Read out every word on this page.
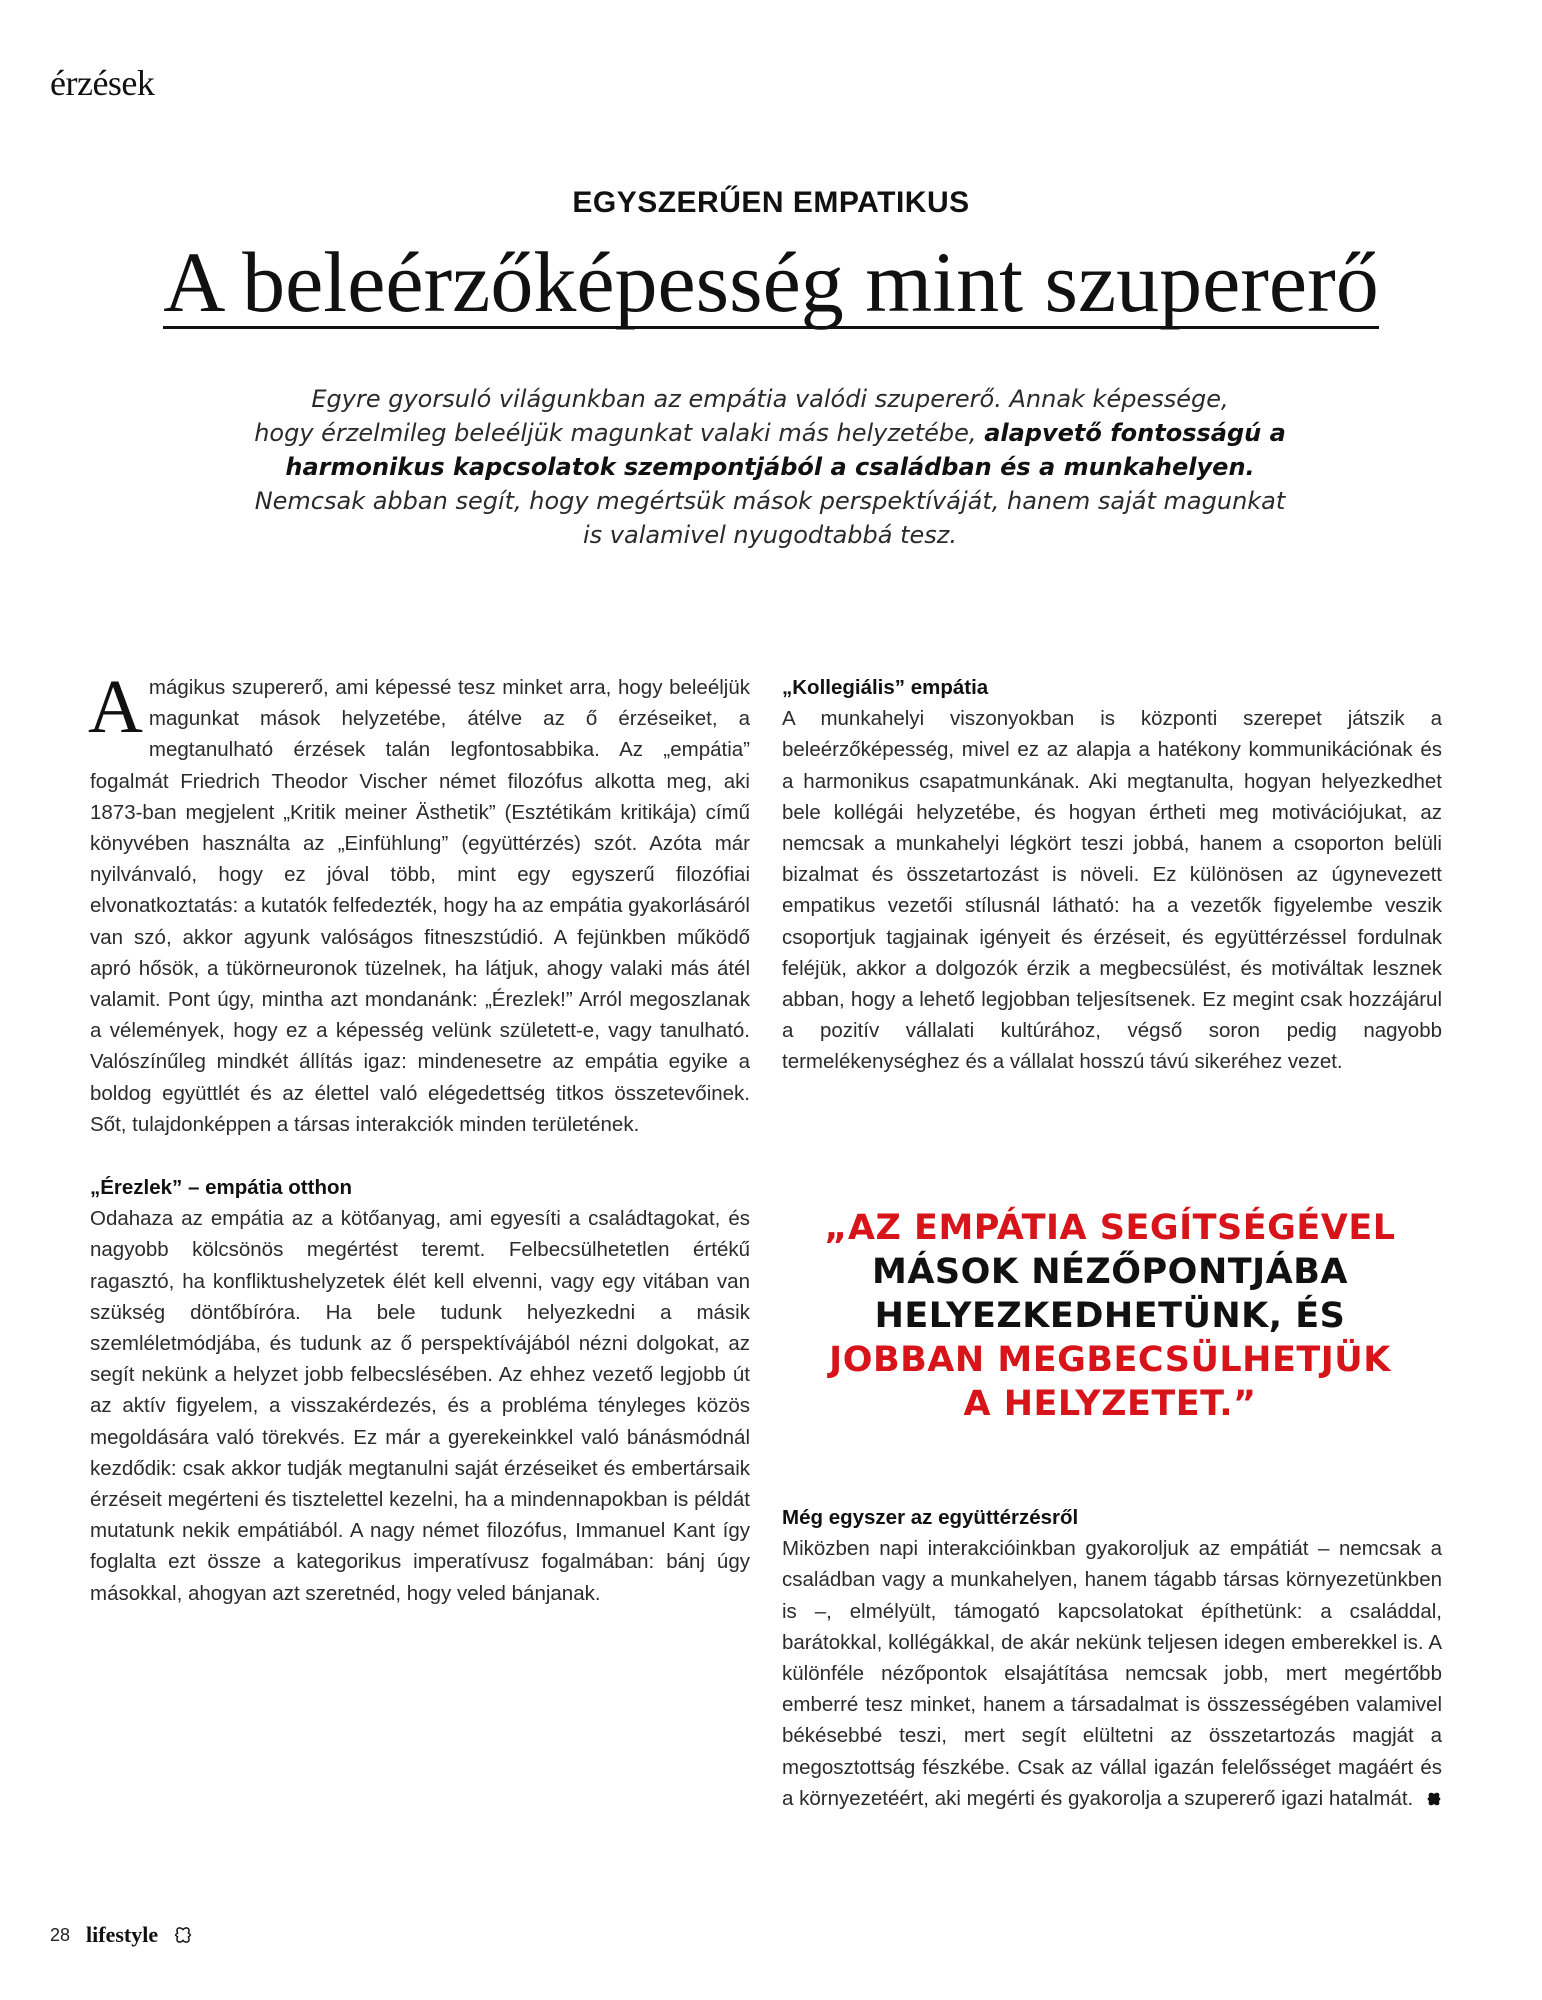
érzések
EGYSZERŰEN EMPATIKUS
A beleérzőképesség mint szupererő
Egyre gyorsuló világunkban az empátia valódi szupererő. Annak képessége,
hogy érzelmileg beleéljük magunkat valaki más helyzetébe, alapvető fontosságú a
harmonikus kapcsolatok szempontjából a családban és a munkahelyen.
Nemcsak abban segít, hogy megértsük mások perspektíváját, hanem saját magunkat
is valamivel nyugodtabbá tesz.

A mágikus szupererő, ami képessé tesz minket arra, hogy beleéljük magunkat mások helyzetébe, átélve az ő érzéseiket, a megtanulható érzések talán legfontosabbika. Az „empátia” fogalmát Friedrich Theodor Vischer német filozófus alkotta meg, aki 1873-ban megjelent „Kritik meiner Ästhetik” (Esztétikám kritikája) című könyvében használta az „Einfühlung” (együttérzés) szót. Azóta már nyilvánvaló, hogy ez jóval több, mint egy egyszerű filozófiai elvonatkoztatás: a kutatók felfedezték, hogy ha az empátia gyakorlásáról van szó, akkor agyunk valóságos fitneszstúdió. A fejünkben működő apró hősök, a tükörneuronok tüzelnek, ha látjuk, ahogy valaki más átél valamit. Pont úgy, mintha azt mondanánk: „Érezlek!” Arról megoszlanak a vélemények, hogy ez a képesség velünk született-e, vagy tanulható. Valószínűleg mindkét állítás igaz: mindenesetre az empátia egyike a boldog együttlét és az élettel való elégedettség titkos összetevőinek. Sőt, tulajdonképpen a társas interakciók minden területének.

„Érezlek” – empátia otthon

Odahaza az empátia az a kötőanyag, ami egyesíti a családtagokat, és nagyobb kölcsönös megértést teremt. Felbecsülhetetlen értékű ragasztó, ha konfliktushelyzetek élét kell elvenni, vagy egy vitában van szükség döntőbíróra. Ha bele tudunk helyezkedni a másik szemléletmódjába, és tudunk az ő perspektívájából nézni dolgokat, az segít nekünk a helyzet jobb felbecslésében. Az ehhez vezető legjobb út az aktív figyelem, a visszakérdezés, és a probléma tényleges közös megoldására való törekvés. Ez már a gyerekeinkkel való bánásmódnál kezdődik: csak akkor tudják megtanulni saját érzéseiket és embertársaik érzéseit megérteni és tisztelettel kezelni, ha a mindennapokban is példát mutatunk nekik empátiából. A nagy német filozófus, Immanuel Kant így foglalta ezt össze a kategorikus imperatívusz fogalmában: bánj úgy másokkal, ahogyan azt szeretnéd, hogy veled bánjanak.

„Kollegiális” empátia

A munkahelyi viszonyokban is központi szerepet játszik a beleérzőképesség, mivel ez az alapja a hatékony kommunikációnak és a harmonikus csapatmunkának. Aki megtanulta, hogyan helyezkedhet bele kollégái helyzetébe, és hogyan értheti meg motivációjukat, az nemcsak a munkahelyi légkört teszi jobbá, hanem a csoporton belüli bizalmat és összetartozást is növeli. Ez különösen az úgynevezett empatikus vezetői stílusnál látható: ha a vezetők figyelembe veszik csoportjuk tagjainak igényeit és érzéseit, és együttérzéssel fordulnak feléjük, akkor a dolgozók érzik a megbecsülést, és motiváltak lesznek abban, hogy a lehető legjobban teljesítsenek. Ez megint csak hozzájárul a pozitív vállalati kultúrához, végső soron pedig nagyobb termelékenységhez és a vállalat hosszú távú sikeréhez vezet.

„AZ EMPÁTIA SEGÍTSÉGÉVEL
MÁSOK NÉZŐPONTJÁBA
HELYEZKEDHETÜNK, ÉS
JOBBAN MEGBECSÜLHETJÜK
A HELYZETET.”
Még egyszer az együttérzésről

Miközben napi interakcióinkban gyakoroljuk az empátiát – nemcsak a családban vagy a munkahelyen, hanem tágabb társas környezetünkben is –, elmélyült, támogató kapcsolatokat építhetünk: a családdal, barátokkal, kollégákkal, de akár nekünk teljesen idegen emberekkel is. A különféle nézőpontok elsajátítása nemcsak jobb, mert megértőbb emberré tesz minket, hanem a társadalmat is összességében valamivel békésebbé teszi, mert segít elültetni az összetartozás magját a megosztottság fészkébe. Csak az vállal igazán felelősséget magáért és a környezetéért, aki megérti és gyakorolja a szupererő igazi hatalmát.

28 lifestyle
